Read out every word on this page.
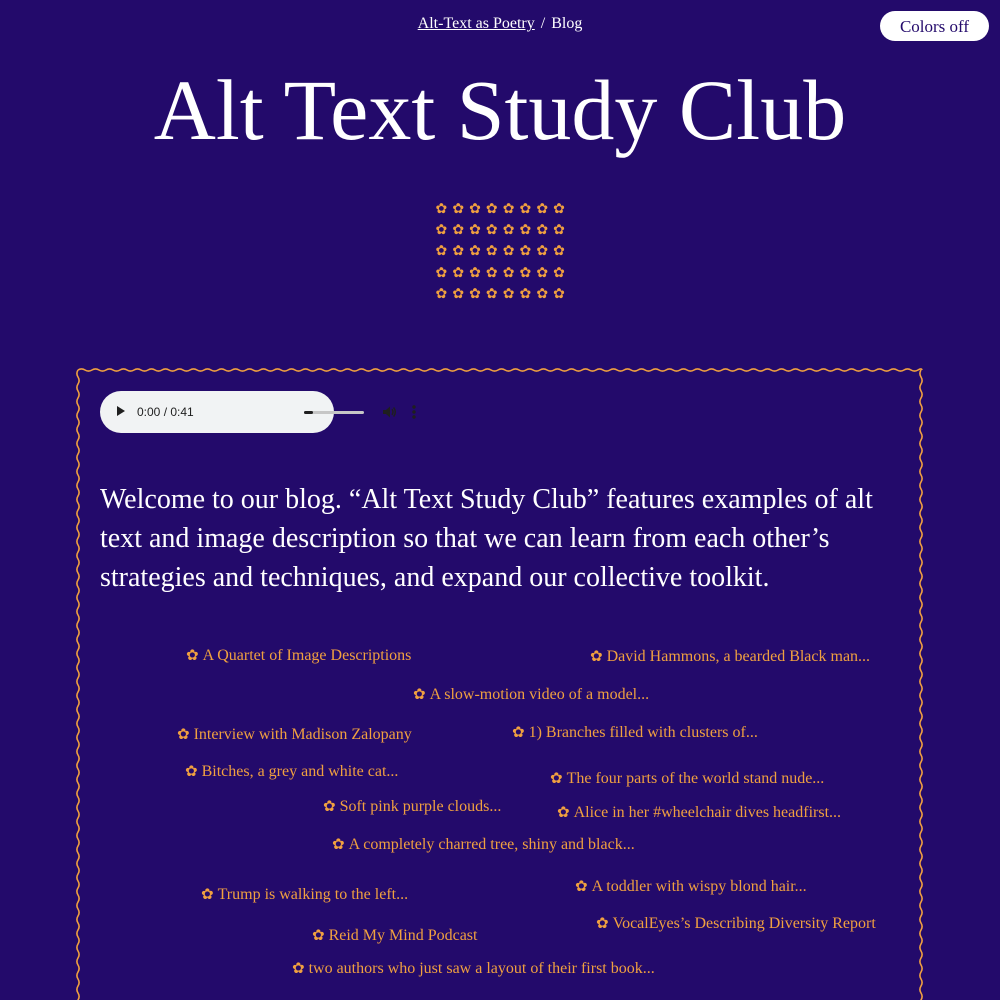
Alt-Text as Poetry / Blog	Colors off
Alt Text Study Club
✿ ✿ ✿ ✿ ✿ ✿ ✿ ✿
✿ ✿ ✿ ✿ ✿ ✿ ✿ ✿
✿ ✿ ✿ ✿ ✿ ✿ ✿ ✿
✿ ✿ ✿ ✿ ✿ ✿ ✿ ✿
✿ ✿ ✿ ✿ ✿ ✿ ✿ ✿
0:00 / 0:41

Welcome to our blog. “Alt Text Study Club” features examples of alt text and image description so that we can learn from each other’s strategies and techniques, and expand our collective toolkit.

✿ A Quartet of Image Descriptions	✿ David Hammons, a bearded Black man...
✿ A slow-motion video of a model...
✿ Interview with Madison Zalopany	✿ 1) Branches filled with clusters of...
✿ Bitches, a grey and white cat...	✿ The four parts of the world stand nude...
✿ Soft pink purple clouds...	✿ Alice in her #wheelchair dives headfirst...
✿ A completely charred tree, shiny and black...
✿ A toddler with wispy blond hair...
✿ Trump is walking to the left...
✿ VocalEyes’s Describing Diversity Report
✿ Reid My Mind Podcast
✿ two authors who just saw a layout of their first book...
